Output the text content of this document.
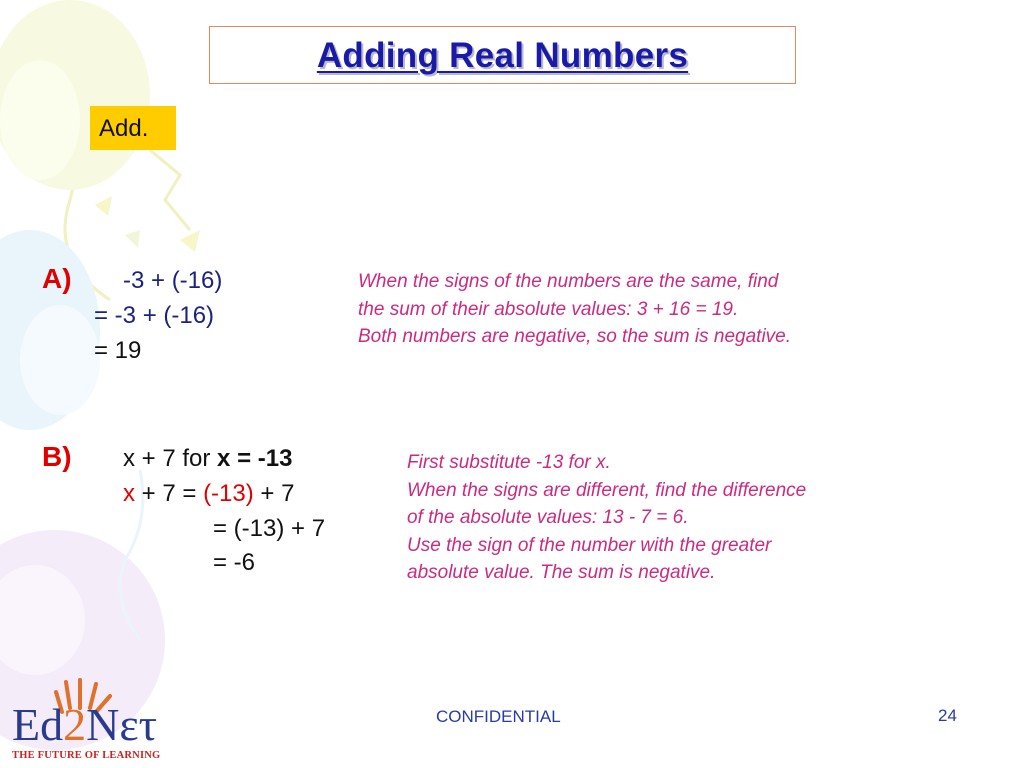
Adding Real Numbers
Add.
A) -3 + (-16)
= -3 + (-16)
= 19
When the signs of the numbers are the same, find
the sum of their absolute values: 3 + 16 = 19.
Both numbers are negative, so the sum is negative.
B) x + 7 for x = -13
x + 7 = (-13) + 7
= (-13) + 7
= -6
First substitute -13 for x.
When the signs are different, find the difference
of the absolute values: 13 - 7 = 6.
Use the sign of the number with the greater
absolute value. The sum is negative.
CONFIDENTIAL	24
Ed2Nετ
THE FUTURE OF LEARNING
